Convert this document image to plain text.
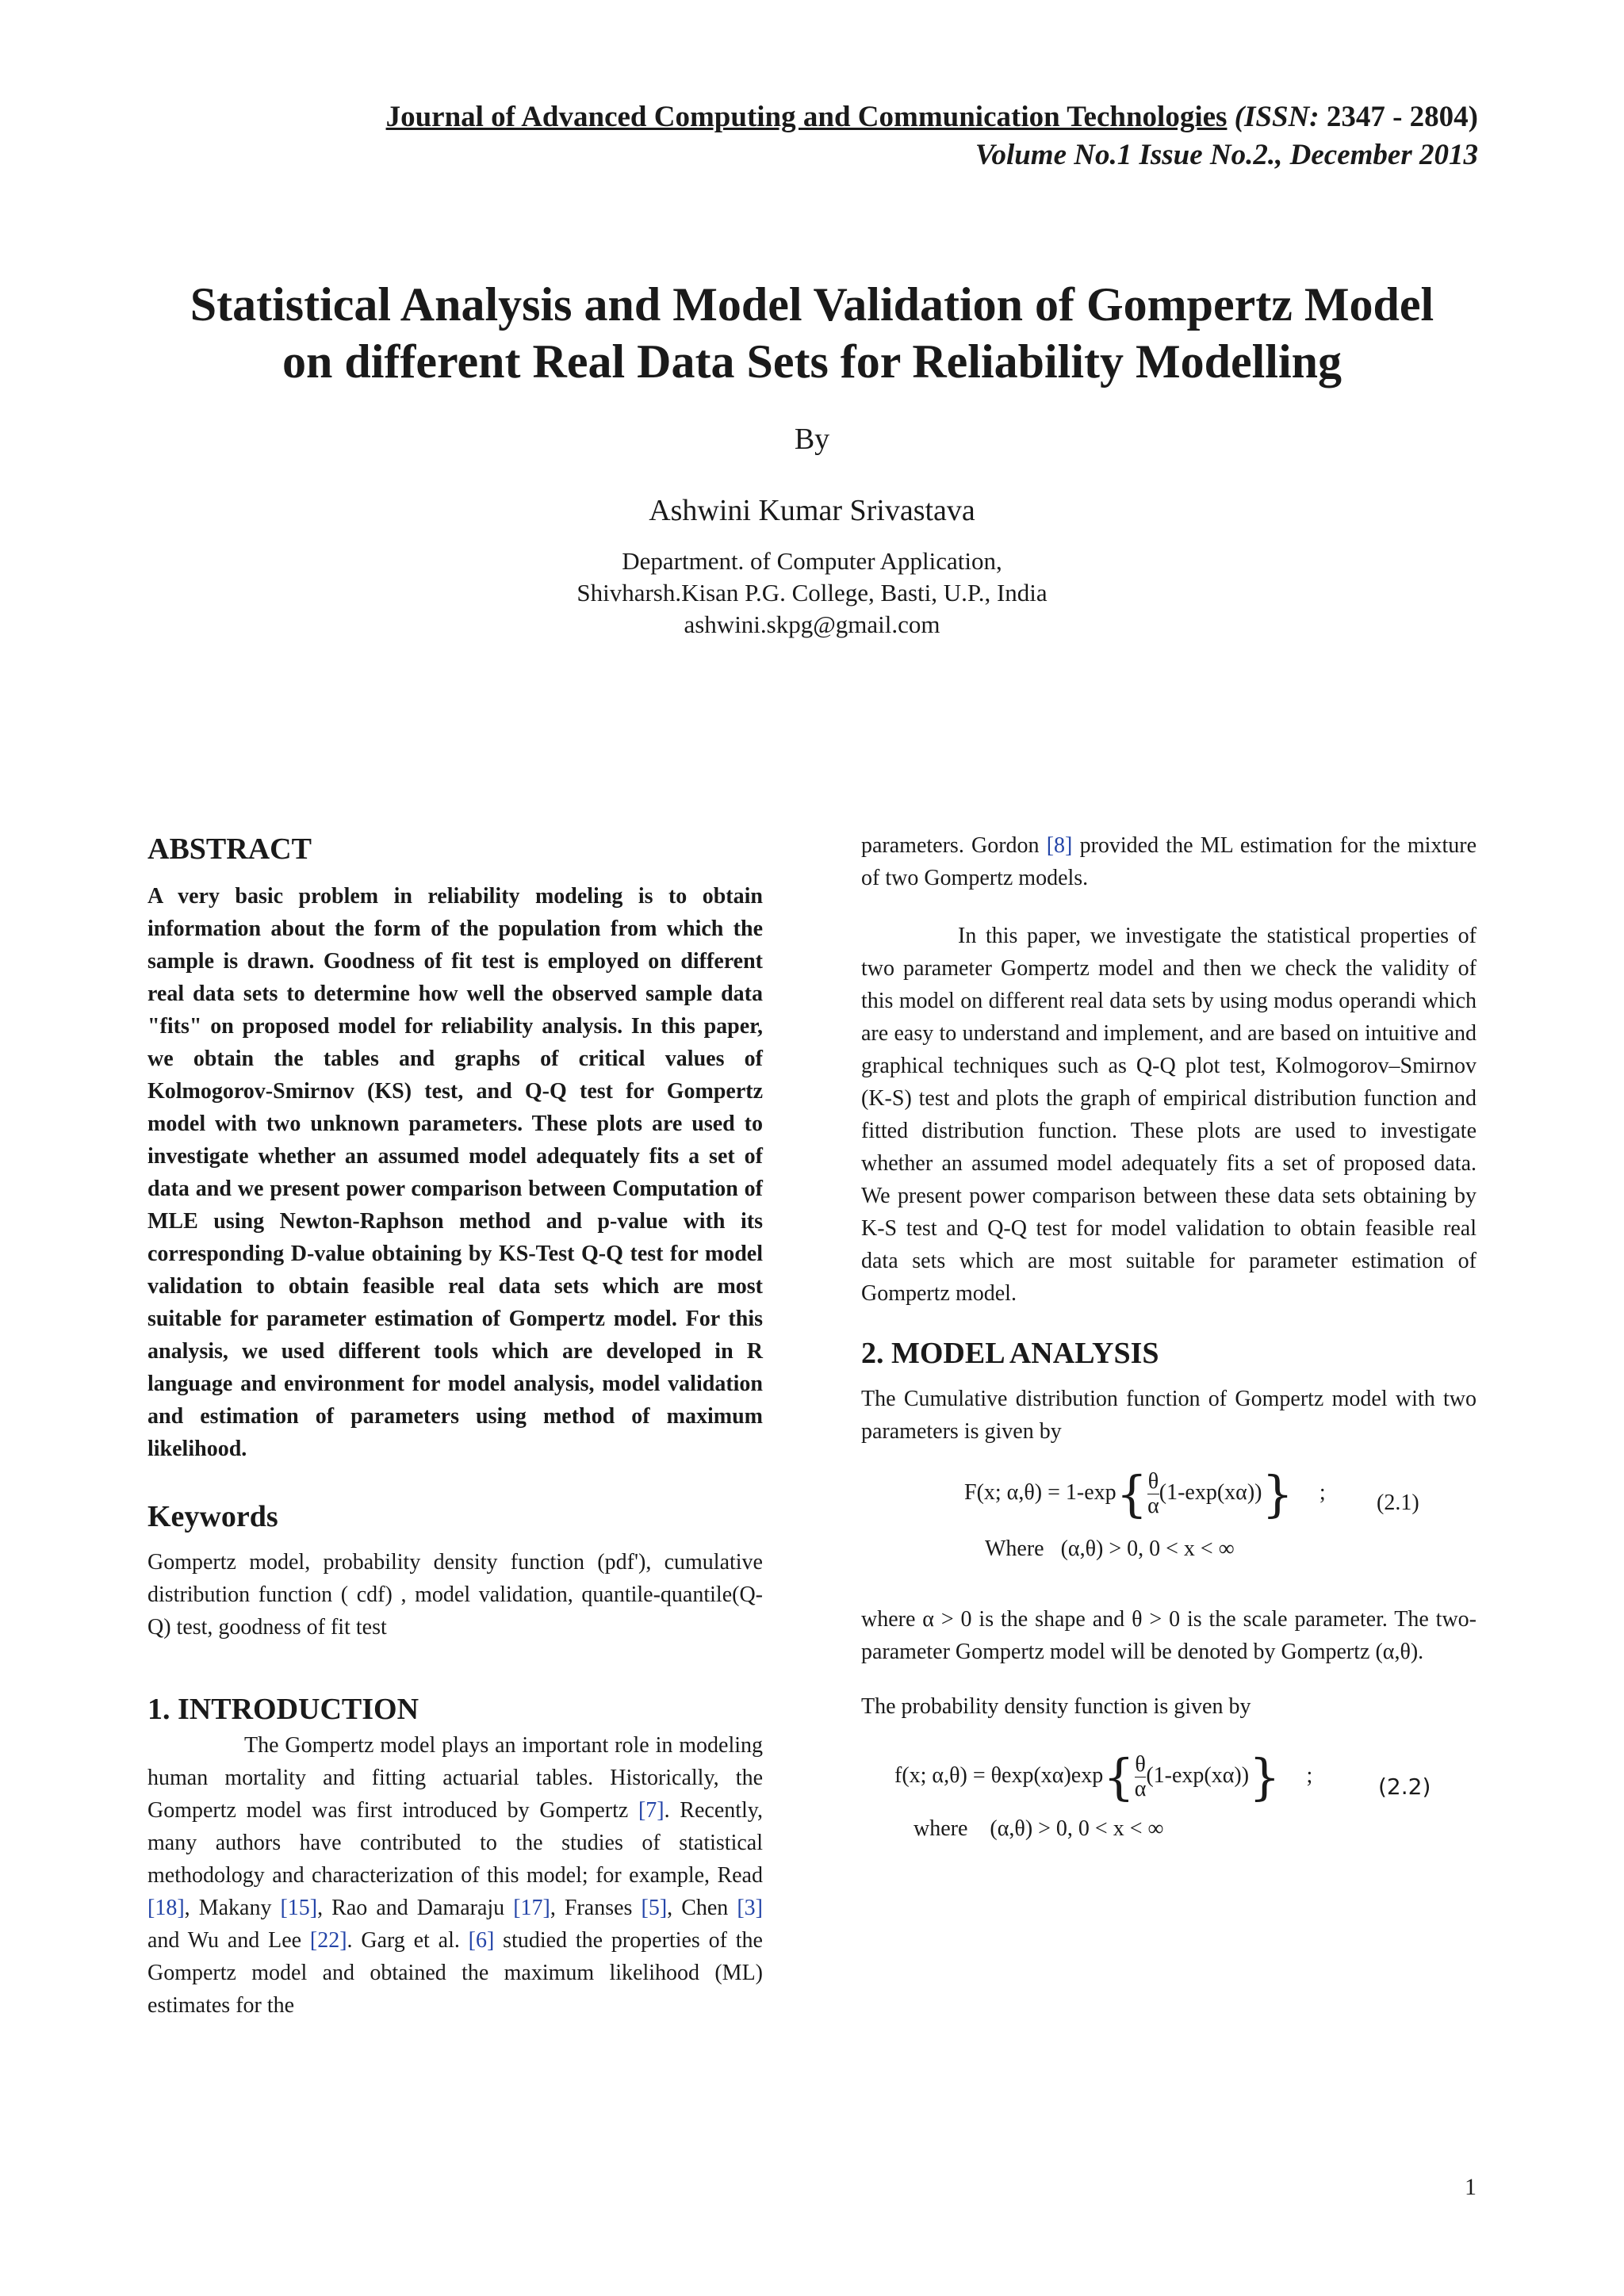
Journal of Advanced Computing and Communication Technologies (ISSN: 2347 - 2804)
Volume No.1 Issue No.2., December 2013
Statistical Analysis and Model Validation of Gompertz Model
on different Real Data Sets for Reliability Modelling
By
Ashwini Kumar Srivastava
Department. of Computer Application,
Shivharsh.Kisan P.G. College, Basti, U.P., India
ashwini.skpg@gmail.com
ABSTRACT

A very basic problem in reliability modeling is to obtain information about the form of the population from which the sample is drawn. Goodness of fit test is employed on different real data sets to determine how well the observed sample data "fits" on proposed model for reliability analysis. In this paper, we obtain the tables and graphs of critical values of Kolmogorov-Smirnov (KS) test, and Q-Q test for Gompertz model with two unknown parameters. These plots are used to investigate whether an assumed model adequately fits a set of data and we present power comparison between Computation of MLE using Newton-Raphson method and p-value with its corresponding D-value obtaining by KS-Test Q-Q test for model validation to obtain feasible real data sets which are most suitable for parameter estimation of Gompertz model. For this analysis, we used different tools which are developed in R language and environment for model analysis, model validation and estimation of parameters using method of maximum likelihood.

Keywords

Gompertz model, probability density function (pdf'), cumulative distribution function ( cdf) , model validation, quantile-quantile(Q-Q) test, goodness of fit test

1. INTRODUCTION

The Gompertz model plays an important role in modeling human mortality and fitting actuarial tables. Historically, the Gompertz model was first introduced by Gompertz [7]. Recently, many authors have contributed to the studies of statistical methodology and characterization of this model; for example, Read [18], Makany [15], Rao and Damaraju [17], Franses [5], Chen [3] and Wu and Lee [22]. Garg et al. [6] studied the properties of the Gompertz model and obtained the maximum likelihood (ML) estimates for the

parameters. Gordon [8] provided the ML estimation for the mixture of two Gompertz models.

In this paper, we investigate the statistical properties of two parameter Gompertz model and then we check the validity of this model on different real data sets by using modus operandi which are easy to understand and implement, and are based on intuitive and graphical techniques such as Q-Q plot test, Kolmogorov–Smirnov (K-S) test and plots the graph of empirical distribution function and fitted distribution function. These plots are used to investigate whether an assumed model adequately fits a set of proposed data. We present power comparison between these data sets obtaining by K-S test and Q-Q test for model validation to obtain feasible real data sets which are most suitable for parameter estimation of Gompertz model.

2. MODEL ANALYSIS

The Cumulative distribution function of Gompertz model with two parameters is given by

F(x; $\alpha,\theta) = 1-\exp\{ \frac{\theta}{\alpha} (1-\exp(x\alpha))\}$ ; (2.1)
Where (α,θ) > 0, 0 < x < ∞

where α > 0 is the shape and θ > 0 is the scale parameter. The two-parameter Gompertz model will be denoted by Gompertz (α,θ).

The probability density function is given by

f(x; $\alpha,\theta) = \theta\exp(x\alpha)\exp\{ \frac{\theta}{\alpha} (1-\exp(x\alpha))\}$ ;	(2.2)
where (α,θ) > 0, 0 < x < ∞
1
